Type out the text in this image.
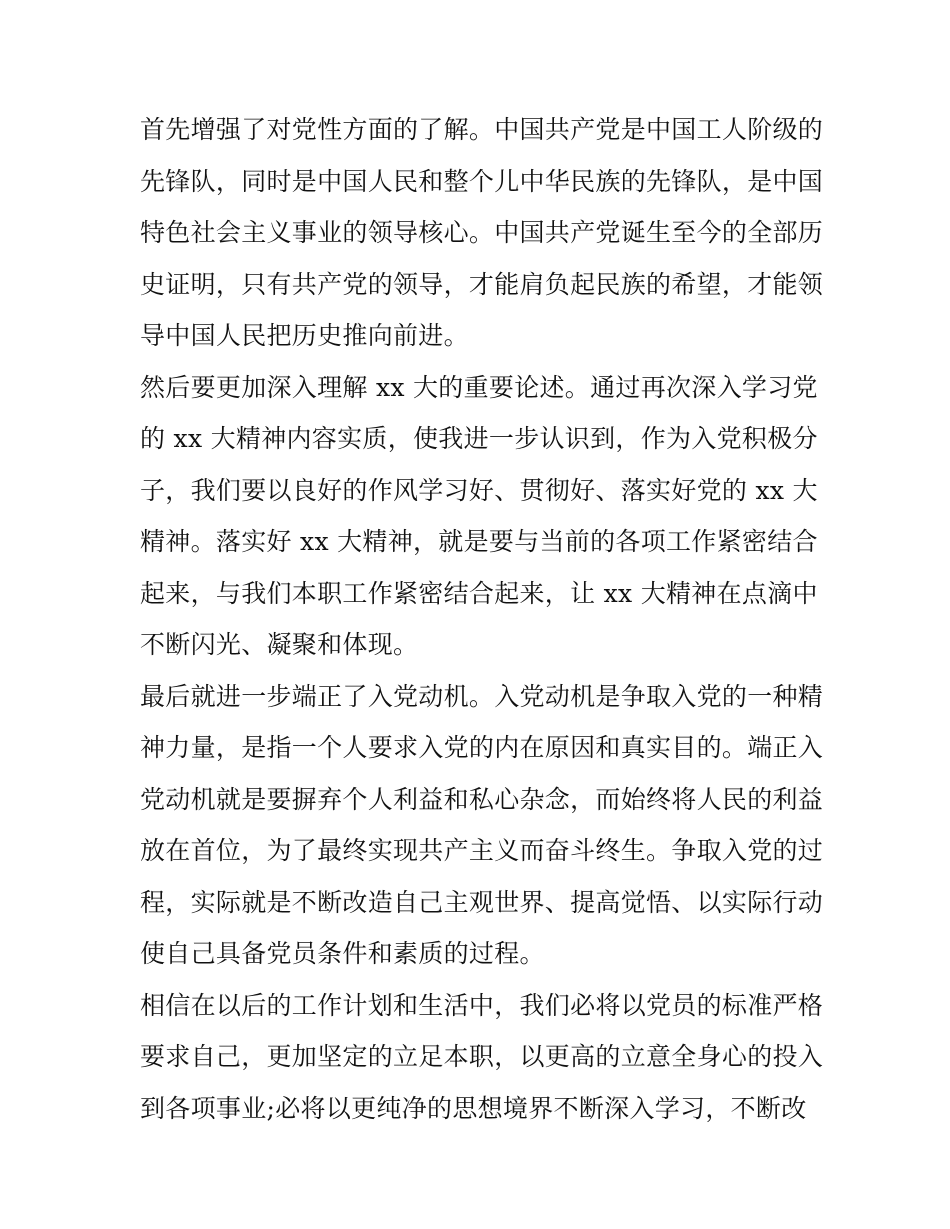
首先增强了对党性方面的了解。中国共产党是中国工人阶级的
先锋队，同时是中国人民和整个儿中华民族的先锋队，是中国
特色社会主义事业的领导核心。中国共产党诞生至今的全部历
史证明，只有共产党的领导，才能肩负起民族的希望，才能领
导中国人民把历史推向前进。
然后要更加深入理解 xx 大的重要论述。通过再次深入学习党
的 xx 大精神内容实质，使我进一步认识到，作为入党积极分
子，我们要以良好的作风学习好、贯彻好、落实好党的 xx 大
精神。落实好 xx 大精神，就是要与当前的各项工作紧密结合
起来，与我们本职工作紧密结合起来，让 xx 大精神在点滴中
不断闪光、凝聚和体现。
最后就进一步端正了入党动机。入党动机是争取入党的一种精
神力量，是指一个人要求入党的内在原因和真实目的。端正入
党动机就是要摒弃个人利益和私心杂念，而始终将人民的利益
放在首位，为了最终实现共产主义而奋斗终生。争取入党的过
程，实际就是不断改造自己主观世界、提高觉悟、以实际行动
使自己具备党员条件和素质的过程。
相信在以后的工作计划和生活中，我们必将以党员的标准严格
要求自己，更加坚定的立足本职，以更高的立意全身心的投入
到各项事业;必将以更纯净的思想境界不断深入学习，不断改
